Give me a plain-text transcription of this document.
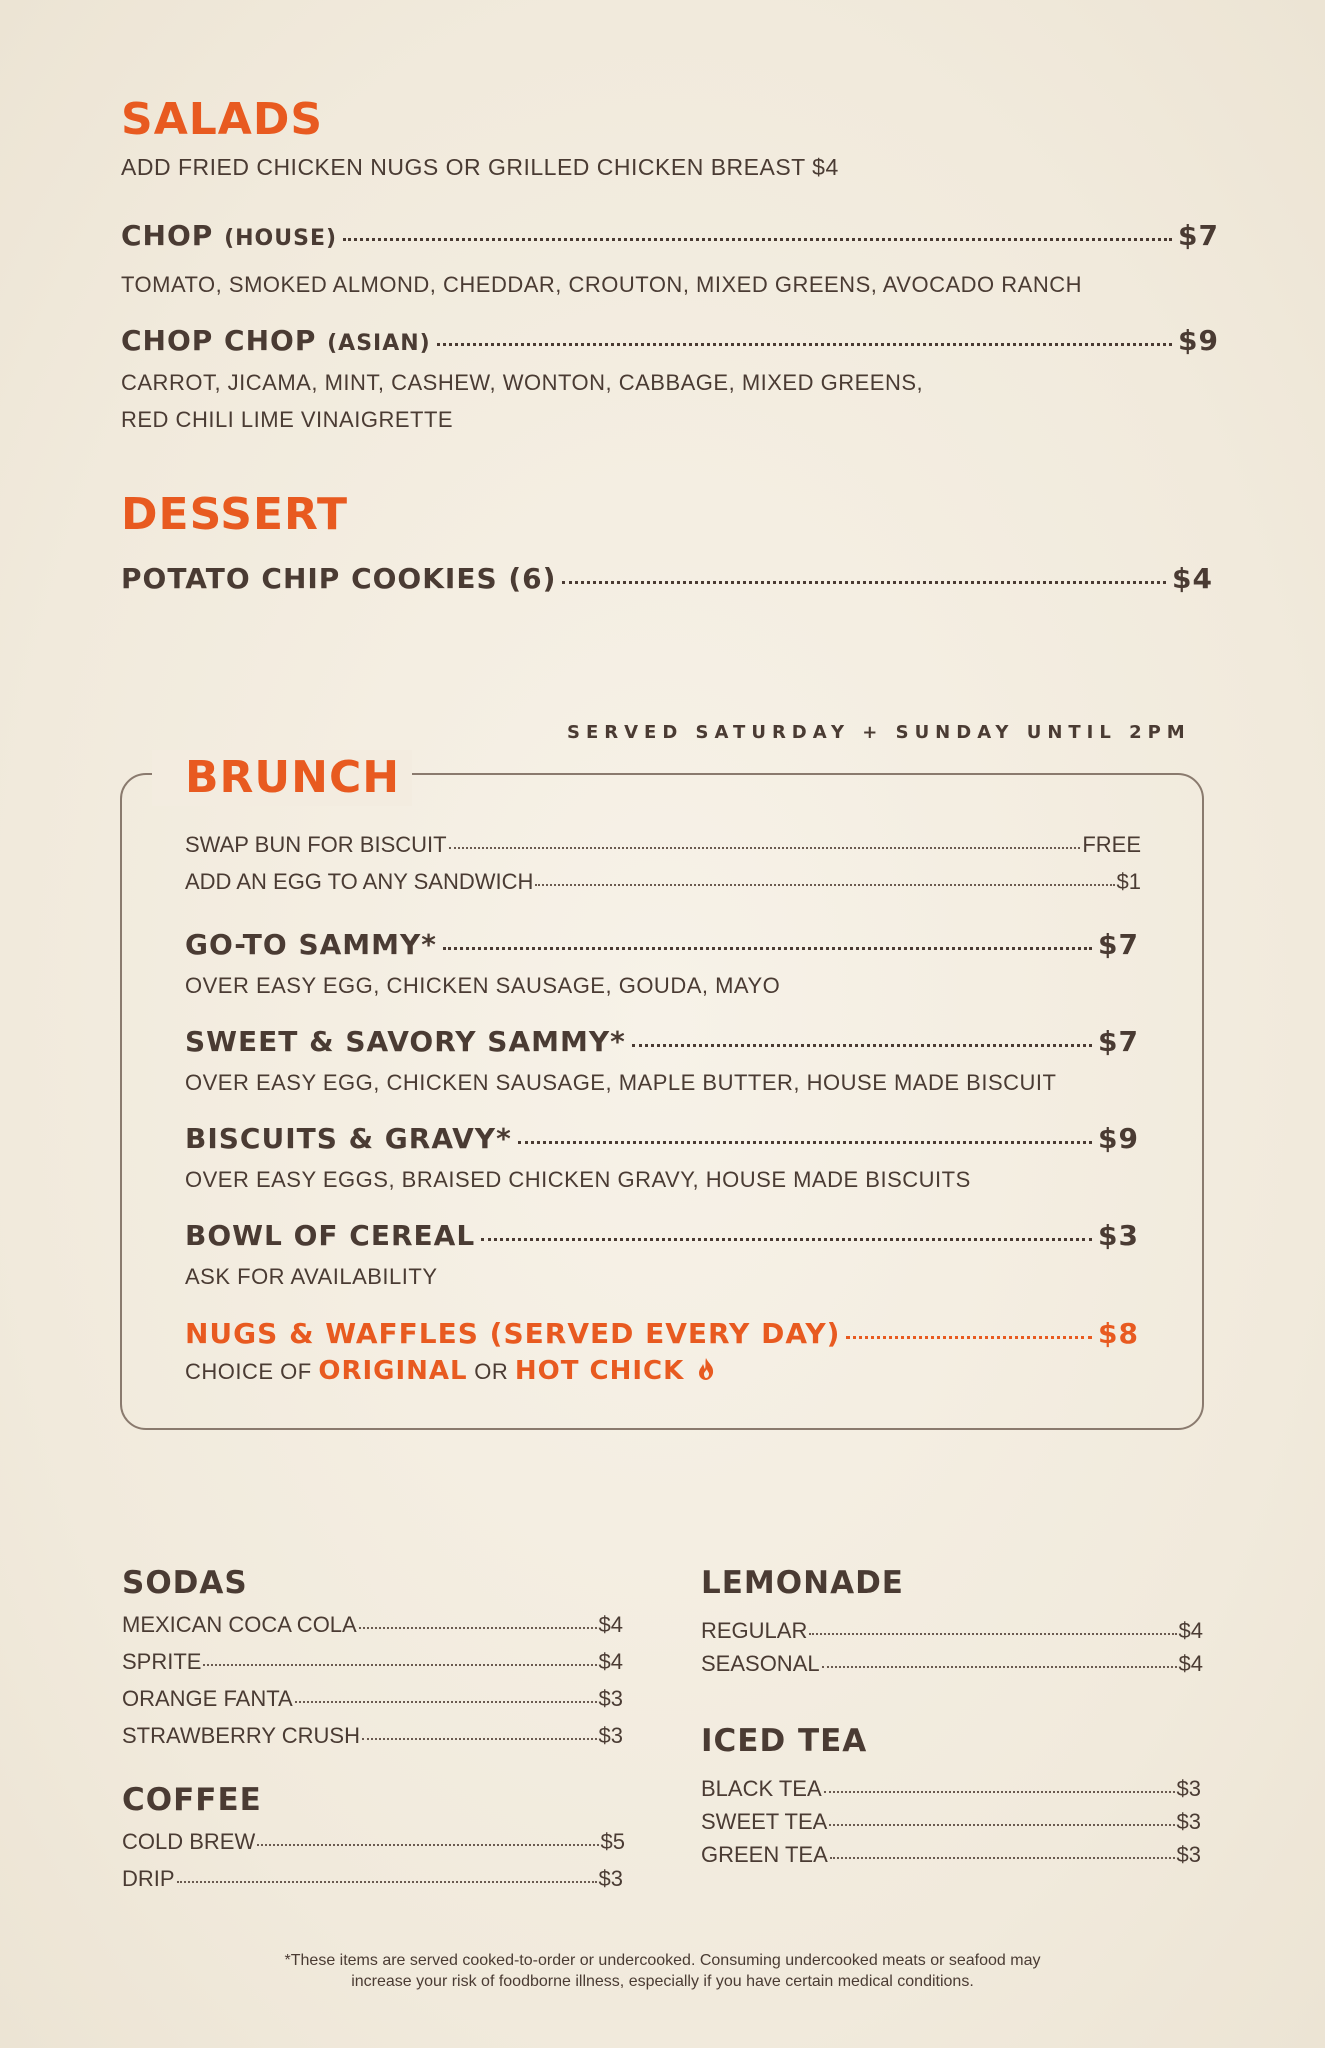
SALADS
ADD FRIED CHICKEN NUGS OR GRILLED CHICKEN BREAST $4
CHOP (HOUSE)	$7
TOMATO, SMOKED ALMOND, CHEDDAR, CROUTON, MIXED GREENS, AVOCADO RANCH
CHOP CHOP (ASIAN)	$9
CARROT, JICAMA, MINT, CASHEW, WONTON, CABBAGE, MIXED GREENS,
RED CHILI LIME VINAIGRETTE
DESSERT
POTATO CHIP COOKIES (6)	$4
SERVED SATURDAY + SUNDAY UNTIL 2PM
BRUNCH
SWAP BUN FOR BISCUIT	FREE
ADD AN EGG TO ANY SANDWICH	$1
GO-TO SAMMY*	$7
OVER EASY EGG, CHICKEN SAUSAGE, GOUDA, MAYO
SWEET & SAVORY SAMMY*	$7
OVER EASY EGG, CHICKEN SAUSAGE, MAPLE BUTTER, HOUSE MADE BISCUIT
BISCUITS & GRAVY*	$9
OVER EASY EGGS, BRAISED CHICKEN GRAVY, HOUSE MADE BISCUITS
BOWL OF CEREAL	$3
ASK FOR AVAILABILITY
NUGS & WAFFLES (SERVED EVERY DAY)	$8
CHOICE OF ORIGINAL OR HOT CHICK
SODAS
MEXICAN COCA COLA	$4
SPRITE	$4
ORANGE FANTA	$3
STRAWBERRY CRUSH	$3
COFFEE
COLD BREW	$5
DRIP	$3
LEMONADE
REGULAR	$4
SEASONAL	$4
ICED TEA
BLACK TEA	$3
SWEET TEA	$3
GREEN TEA	$3
*These items are served cooked-to-order or undercooked. Consuming undercooked meats or seafood may
increase your risk of foodborne illness, especially if you have certain medical conditions.
